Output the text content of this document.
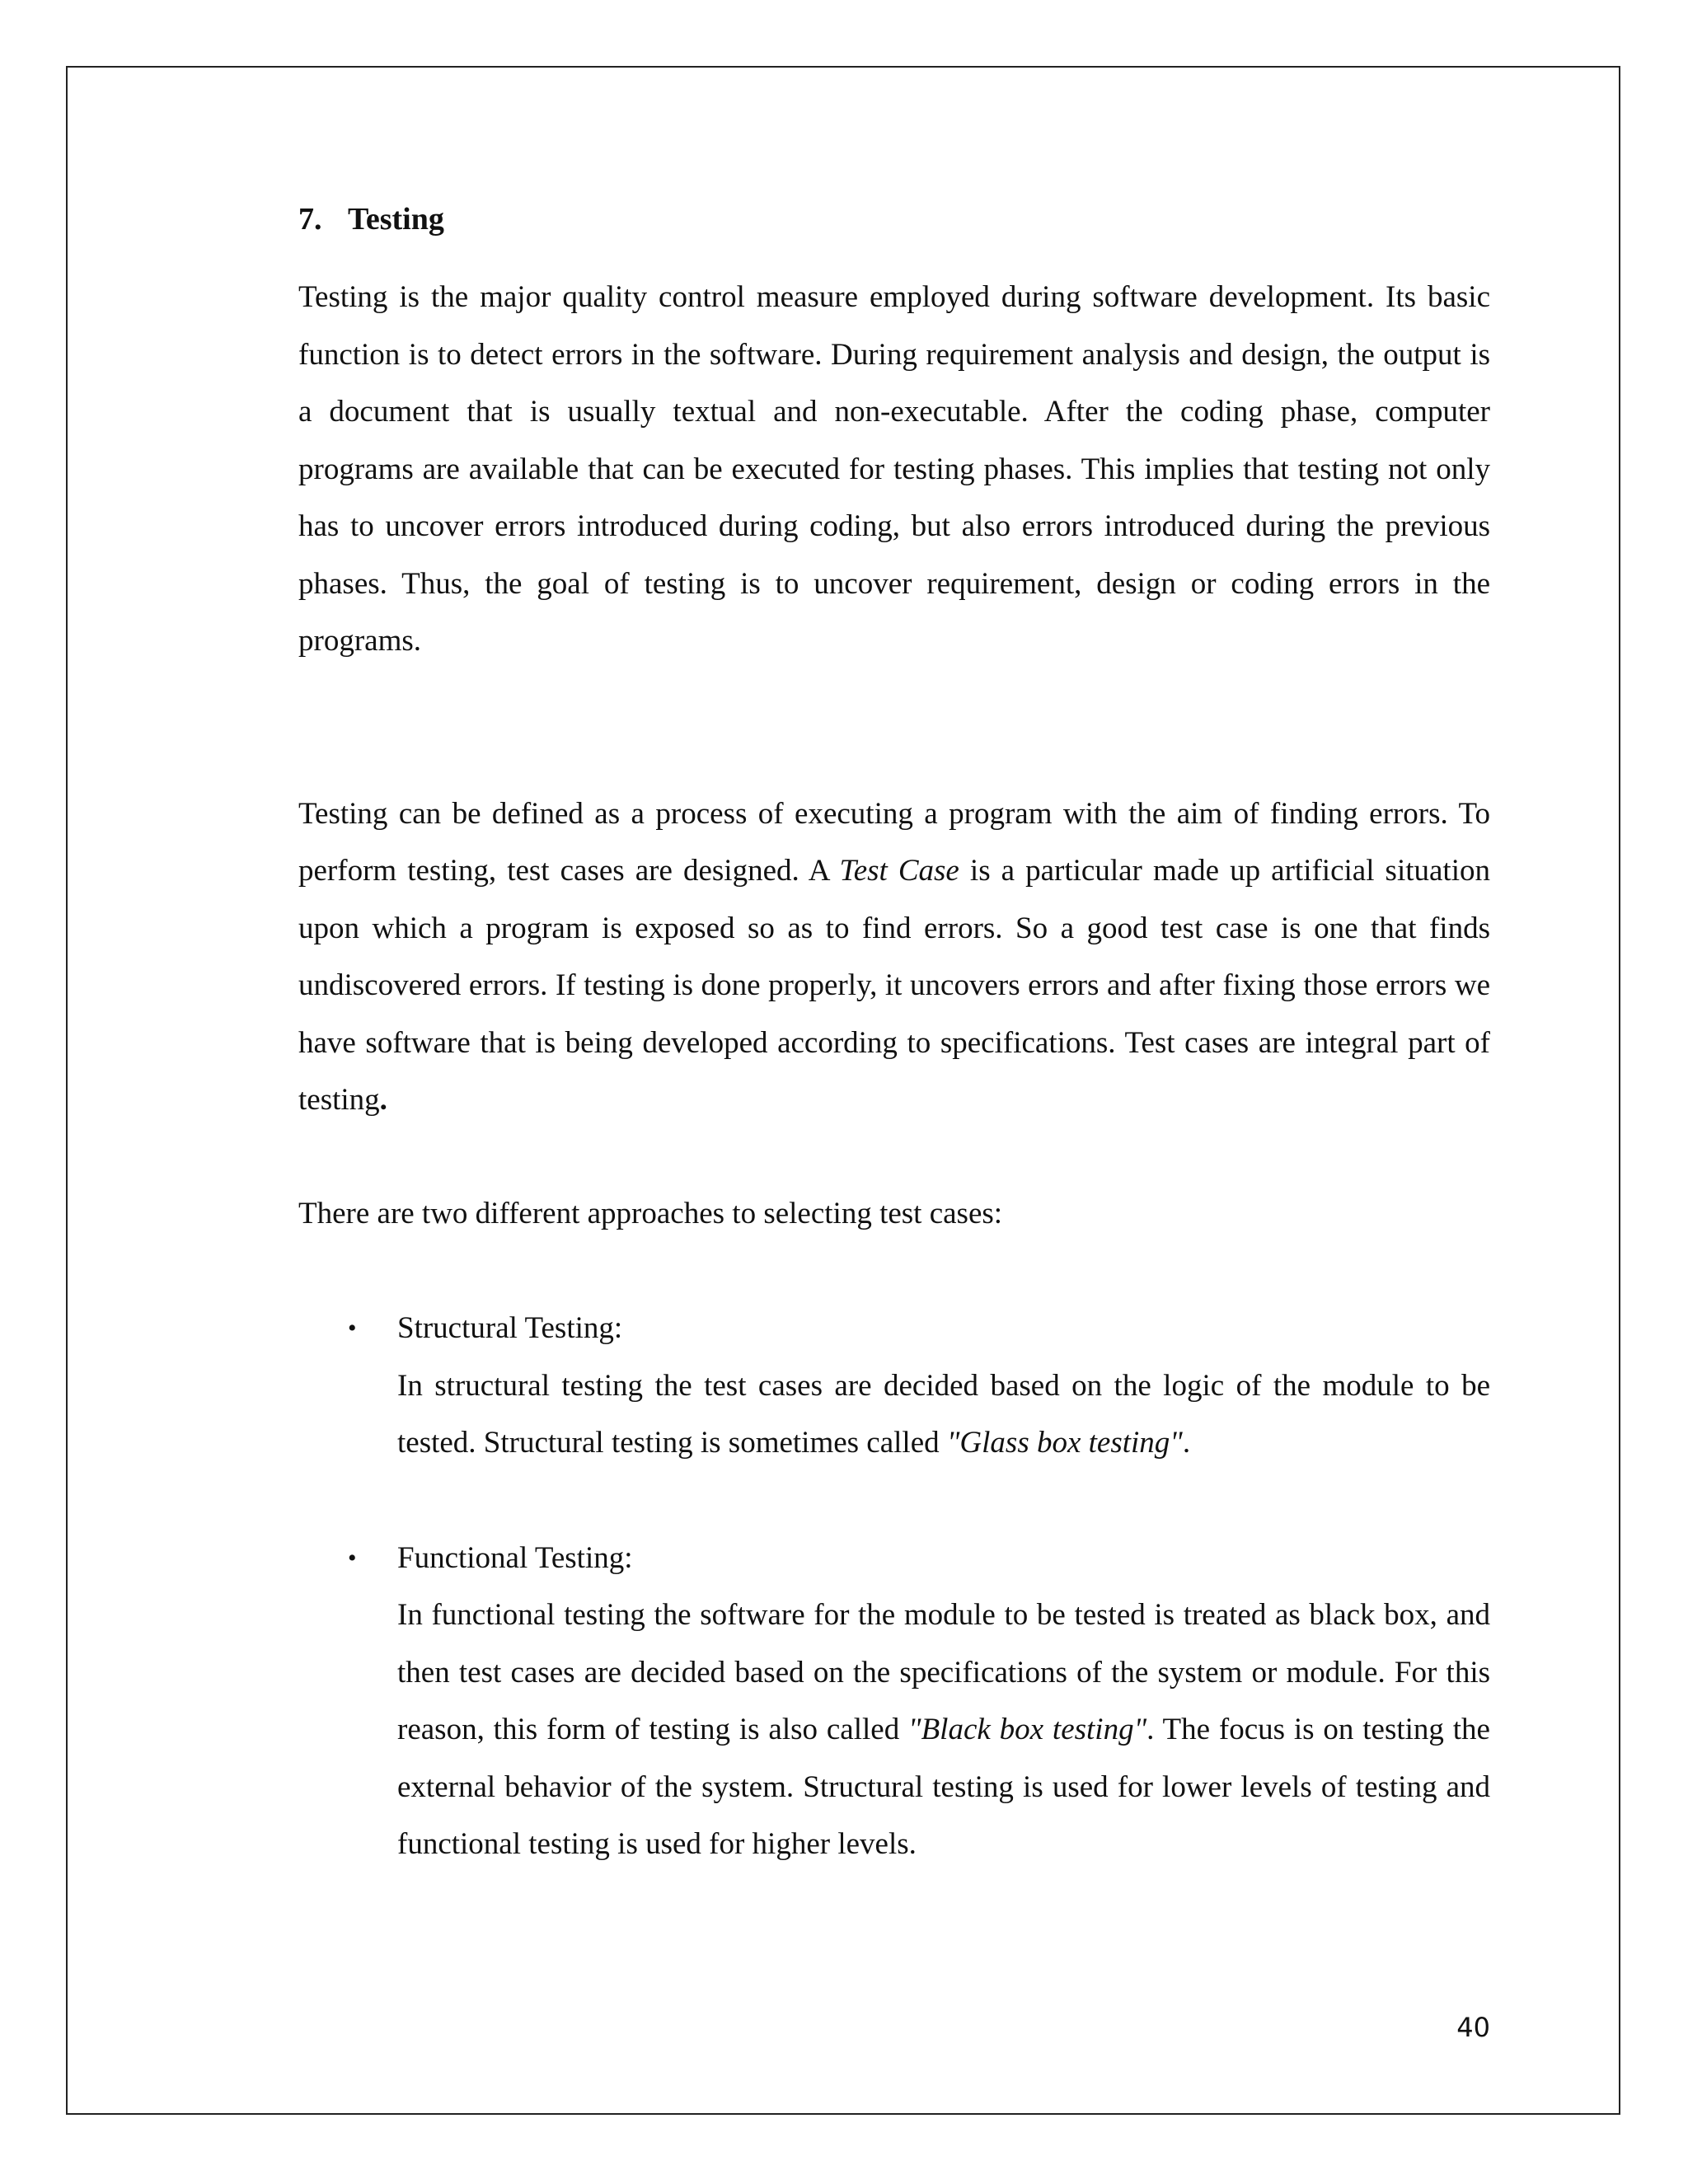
7. Testing

Testing is the major quality control measure employed during software development. Its basic function is to detect errors in the software. During requirement analysis and design, the output is a document that is usually textual and non-executable. After the coding phase, computer programs are available that can be executed for testing phases. This implies that testing not only has to uncover errors introduced during coding, but also errors introduced during the previous phases. Thus, the goal of testing is to uncover requirement, design or coding errors in the programs.

Testing can be defined as a process of executing a program with the aim of finding errors. To perform testing, test cases are designed. A Test Case is a particular made up artificial situation upon which a program is exposed so as to find errors. So a good test case is one that finds undiscovered errors. If testing is done properly, it uncovers errors and after fixing those errors we have software that is being developed according to specifications. Test cases are integral part of testing.

There are two different approaches to selecting test cases:

• Structural Testing:

In structural testing the test cases are decided based on the logic of the module to be tested. Structural testing is sometimes called "Glass box testing".

• Functional Testing:

In functional testing the software for the module to be tested is treated as black box, and then test cases are decided based on the specifications of the system or module. For this reason, this form of testing is also called "Black box testing". The focus is on testing the external behavior of the system. Structural testing is used for lower levels of testing and functional testing is used for higher levels.

40
